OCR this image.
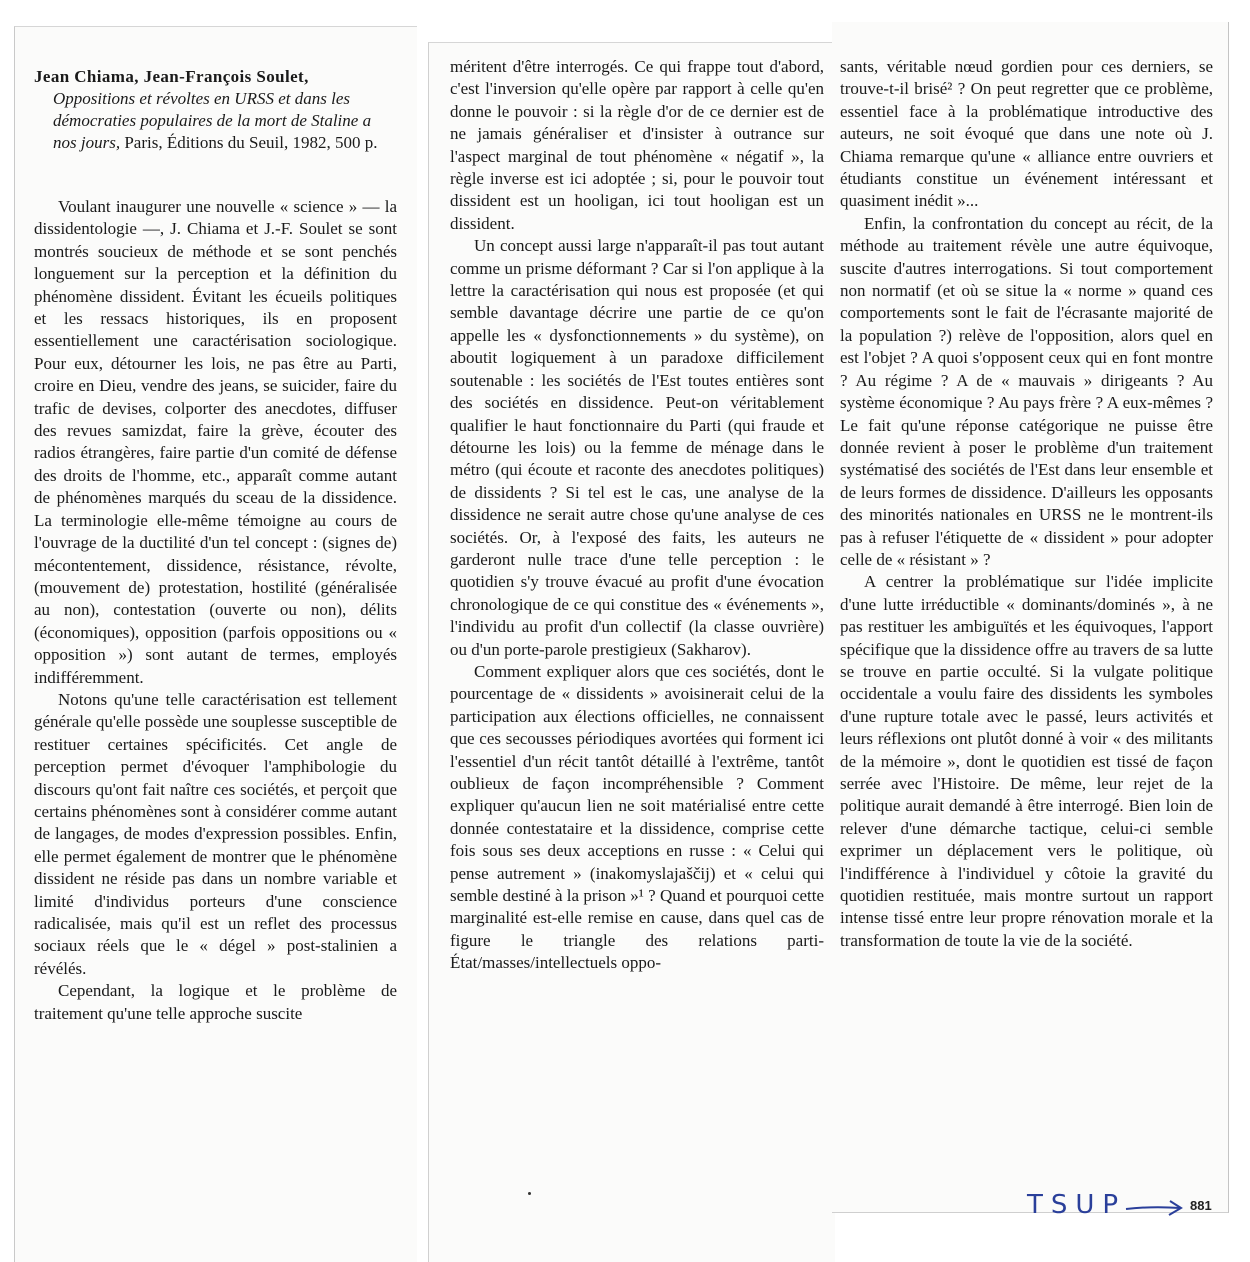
Jean Chiama, Jean-François Soulet,
Oppositions et révoltes en URSS et dans les démocraties populaires de la mort de Staline a nos jours, Paris, Éditions du Seuil, 1982, 500 p.

Voulant inaugurer une nouvelle « science » — la dissidentologie —, J. Chiama et J.-F. Soulet se sont montrés soucieux de méthode et se sont penchés longuement sur la perception et la définition du phénomène dissident. Évitant les écueils politiques et les ressacs historiques, ils en proposent essentiellement une caractérisation sociologique. Pour eux, détourner les lois, ne pas être au Parti, croire en Dieu, vendre des jeans, se suicider, faire du trafic de devises, colporter des anecdotes, diffuser des revues samizdat, faire la grève, écouter des radios étrangères, faire partie d'un comité de défense des droits de l'homme, etc., apparaît comme autant de phénomènes marqués du sceau de la dissidence. La terminologie elle-même témoigne au cours de l'ouvrage de la ductilité d'un tel concept : (signes de) mécontentement, dissidence, résistance, révolte, (mouvement de) protestation, hostilité (généralisée au non), contestation (ouverte ou non), délits (économiques), opposition (parfois oppositions ou « opposition ») sont autant de termes, employés indifféremment.

Notons qu'une telle caractérisation est tellement générale qu'elle possède une souplesse susceptible de restituer certaines spécificités. Cet angle de perception permet d'évoquer l'amphibologie du discours qu'ont fait naître ces sociétés, et perçoit que certains phénomènes sont à considérer comme autant de langages, de modes d'expression possibles. Enfin, elle permet également de montrer que le phénomène dissident ne réside pas dans un nombre variable et limité d'individus porteurs d'une conscience radicalisée, mais qu'il est un reflet des processus sociaux réels que le « dégel » post-stalinien a révélés.

Cependant, la logique et le problème de traitement qu'une telle approche suscite

méritent d'être interrogés. Ce qui frappe tout d'abord, c'est l'inversion qu'elle opère par rapport à celle qu'en donne le pouvoir : si la règle d'or de ce dernier est de ne jamais généraliser et d'insister à outrance sur l'aspect marginal de tout phénomène « négatif », la règle inverse est ici adoptée ; si, pour le pouvoir tout dissident est un hooligan, ici tout hooligan est un dissident.

Un concept aussi large n'apparaît-il pas tout autant comme un prisme déformant ? Car si l'on applique à la lettre la caractérisation qui nous est proposée (et qui semble davantage décrire une partie de ce qu'on appelle les « dysfonctionnements » du système), on aboutit logiquement à un paradoxe difficilement soutenable : les sociétés de l'Est toutes entières sont des sociétés en dissidence. Peut-on véritablement qualifier le haut fonctionnaire du Parti (qui fraude et détourne les lois) ou la femme de ménage dans le métro (qui écoute et raconte des anecdotes politiques) de dissidents ? Si tel est le cas, une analyse de la dissidence ne serait autre chose qu'une analyse de ces sociétés. Or, à l'exposé des faits, les auteurs ne garderont nulle trace d'une telle perception : le quotidien s'y trouve évacué au profit d'une évocation chronologique de ce qui constitue des « événements », l'individu au profit d'un collectif (la classe ouvrière) ou d'un porte-parole prestigieux (Sakharov).

Comment expliquer alors que ces sociétés, dont le pourcentage de « dissidents » avoisinerait celui de la participation aux élections officielles, ne connaissent que ces secousses périodiques avortées qui forment ici l'essentiel d'un récit tantôt détaillé à l'extrême, tantôt oublieux de façon incompréhensible ? Comment expliquer qu'aucun lien ne soit matérialisé entre cette donnée contestataire et la dissidence, comprise cette fois sous ses deux acceptions en russe : « Celui qui pense autrement » (inakomyslajaščij) et « celui qui semble destiné à la prison »¹ ? Quand et pourquoi cette marginalité est-elle remise en cause, dans quel cas de figure le triangle des relations parti-État/masses/intellectuels oppo-

sants, véritable nœud gordien pour ces derniers, se trouve-t-il brisé² ? On peut regretter que ce problème, essentiel face à la problématique introductive des auteurs, ne soit évoqué que dans une note où J. Chiama remarque qu'une « alliance entre ouvriers et étudiants constitue un événement intéressant et quasiment inédit »...

Enfin, la confrontation du concept au récit, de la méthode au traitement révèle une autre équivoque, suscite d'autres interrogations. Si tout comportement non normatif (et où se situe la « norme » quand ces comportements sont le fait de l'écrasante majorité de la population ?) relève de l'opposition, alors quel en est l'objet ? A quoi s'opposent ceux qui en font montre ? Au régime ? A de « mauvais » dirigeants ? Au système économique ? Au pays frère ? A eux-mêmes ? Le fait qu'une réponse catégorique ne puisse être donnée revient à poser le problème d'un traitement systématisé des sociétés de l'Est dans leur ensemble et de leurs formes de dissidence. D'ailleurs les opposants des minorités nationales en URSS ne le montrent-ils pas à refuser l'étiquette de « dissident » pour adopter celle de « résistant » ?

A centrer la problématique sur l'idée implicite d'une lutte irréductible « dominants/dominés », à ne pas restituer les ambiguïtés et les équivoques, l'apport spécifique que la dissidence offre au travers de sa lutte se trouve en partie occulté. Si la vulgate politique occidentale a voulu faire des dissidents les symboles d'une rupture totale avec le passé, leurs activités et leurs réflexions ont plutôt donné à voir « des militants de la mémoire », dont le quotidien est tissé de façon serrée avec l'Histoire. De même, leur rejet de la politique aurait demandé à être interrogé. Bien loin de relever d'une démarche tactique, celui-ci semble exprimer un déplacement vers le politique, où l'indifférence à l'individuel y côtoie la gravité du quotidien restituée, mais montre surtout un rapport intense tissé entre leur propre rénovation morale et la transformation de toute la vie de la société.

TSUP	881
